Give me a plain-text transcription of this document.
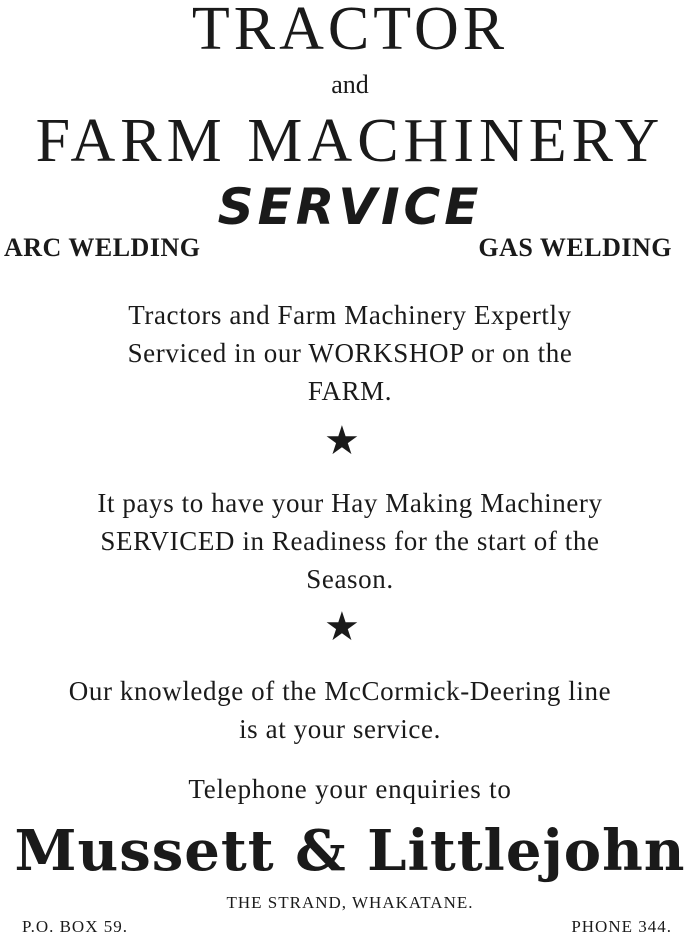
TRACTOR
and
FARM MACHINERY
SERVICE
ARC WELDING	GAS WELDING
Tractors and Farm Machinery Expertly Serviced in our WORKSHOP or on the FARM.
★
It pays to have your Hay Making Machinery SERVICED in Readiness for the start of the Season.
★
Our knowledge of the McCormick-Deering line is at your service.
Telephone your enquiries to
Mussett & Littlejohn
THE STRAND, WHAKATANE.
P.O. BOX 59.	PHONE 344.
